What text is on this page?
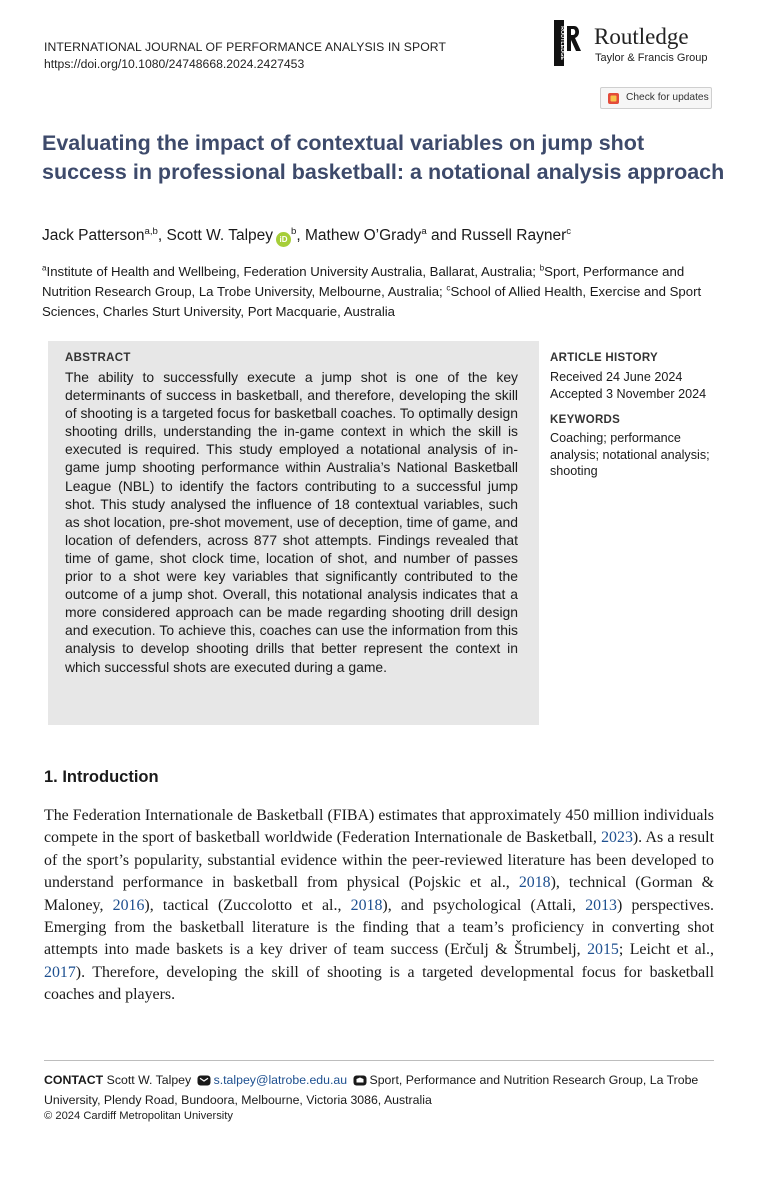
INTERNATIONAL JOURNAL OF PERFORMANCE ANALYSIS IN SPORT
https://doi.org/10.1080/24748668.2024.2427453
ROUTLEDGE Routledge
Taylor & Francis Group
Check for updates
Evaluating the impact of contextual variables on jump shot success in professional basketball: a notational analysis approach
Jack Patterson$^{a,b}$, Scott W. Talpey $iD^b$, Mathew O’Grady$^a$ and Russell Rayner$^c$
$^a$Institute of Health and Wellbeing, Federation University Australia, Ballarat, Australia; $^b$Sport, Performance and Nutrition Research Group, La Trobe University, Melbourne, Australia; $^c$School of Allied Health, Exercise and Sport Sciences, Charles Sturt University, Port Macquarie, Australia
ABSTRACT
The ability to successfully execute a jump shot is one of the key determinants of success in basketball, and therefore, developing the skill of shooting is a targeted focus for basketball coaches. To optimally design shooting drills, understanding the in-game context in which the skill is executed is required. This study employed a notational analysis of in-game jump shooting performance within Australia’s National Basketball League (NBL) to identify the factors contributing to a successful jump shot. This study analysed the influence of 18 contextual variables, such as shot location, pre-shot movement, use of deception, time of game, and location of defenders, across 877 shot attempts. Findings revealed that time of game, shot clock time, location of shot, and number of passes prior to a shot were key variables that significantly contributed to the outcome of a jump shot. Overall, this notational analysis indicates that a more considered approach can be made regarding shooting drill design and execution. To achieve this, coaches can use the information from this analysis to develop shooting drills that better represent the context in which successful shots are executed during a game.
ARTICLE HISTORY
Received 24 June 2024
Accepted 3 November 2024
KEYWORDS
Coaching; performance analysis; notational analysis; shooting
1. Introduction
The Federation Internationale de Basketball (FIBA) estimates that approximately 450 million individuals compete in the sport of basketball worldwide (Federation Internationale de Basketball, 2023). As a result of the sport’s popularity, substantial evidence within the peer-reviewed literature has been developed to understand performance in basketball from physical (Pojskic et al., 2018), technical (Gorman & Maloney, 2016), tactical (Zuccolotto et al., 2018), and psychological (Attali, 2013) perspectives. Emerging from the basketball literature is the finding that a team’s proficiency in converting shot attempts into made baskets is a key driver of team success (Erčulj & Štrumbelj, 2015; Leicht et al., 2017). Therefore, developing the skill of shooting is a targeted developmental focus for basketball coaches and players.
CONTACT Scott W. Talpey s.talpey@latrobe.edu.au Sport, Performance and Nutrition Research Group, La Trobe University, Plendy Road, Bundoora, Melbourne, Victoria 3086, Australia
© 2024 Cardiff Metropolitan University
